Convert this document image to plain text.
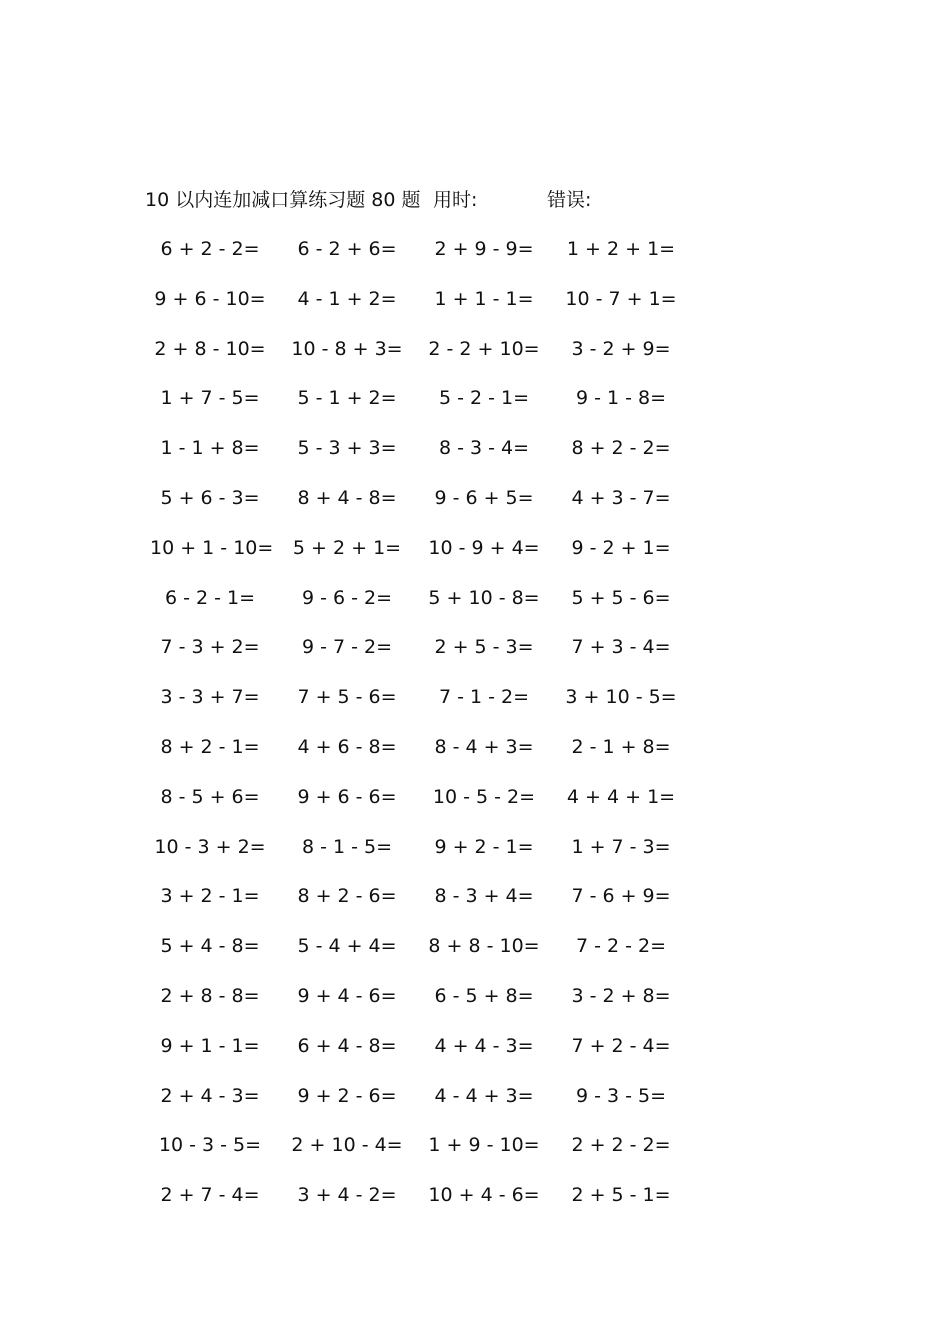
10 以内连加减口算练习题 80 题 用时:	错误:
6 + 2 - 2=	6 - 2 + 6=	2 + 9 - 9=	1 + 2 + 1=
9 + 6 - 10=	4 - 1 + 2=	1 + 1 - 1=	10 - 7 + 1=
2 + 8 - 10= 10 - 8 + 3= 2 - 2 + 10=	3 - 2 + 9=
1 + 7 - 5=	5 - 1 + 2=	5 - 2 - 1=	9 - 1 - 8=
1 - 1 + 8=	5 - 3 + 3=	8 - 3 - 4=	8 + 2 - 2=
5 + 6 - 3=	8 + 4 - 8=	9 - 6 + 5=	4 + 3 - 7=
10 + 1 - 10=	5 + 2 + 1=	10 - 9 + 4=	9 - 2 + 1=
6 - 2 - 1=	9 - 6 - 2=	5 + 10 - 8=	5 + 5 - 6=
7 - 3 + 2=	9 - 7 - 2=	2 + 5 - 3=	7 + 3 - 4=
3 - 3 + 7=	7 + 5 - 6=	7 - 1 - 2=	3 + 10 - 5=
8 + 2 - 1=	4 + 6 - 8=	8 - 4 + 3=	2 - 1 + 8=
8 - 5 + 6=	9 + 6 - 6=	10 - 5 - 2=	4 + 4 + 1=
10 - 3 + 2=	8 - 1 - 5=	9 + 2 - 1=	1 + 7 - 3=
3 + 2 - 1=	8 + 2 - 6=	8 - 3 + 4=	7 - 6 + 9=
5 + 4 - 8=	5 - 4 + 4=	8 + 8 - 10=	7 - 2 - 2=
2 + 8 - 8=	9 + 4 - 6=	6 - 5 + 8=	3 - 2 + 8=
9 + 1 - 1=	6 + 4 - 8=	4 + 4 - 3=	7 + 2 - 4=
2 + 4 - 3=	9 + 2 - 6=	4 - 4 + 3=	9 - 3 - 5=
10 - 3 - 5=	2 + 10 - 4= 1 + 9 - 10=	2 + 2 - 2=
2 + 7 - 4=	3 + 4 - 2=	10 + 4 - 6=	2 + 5 - 1=
